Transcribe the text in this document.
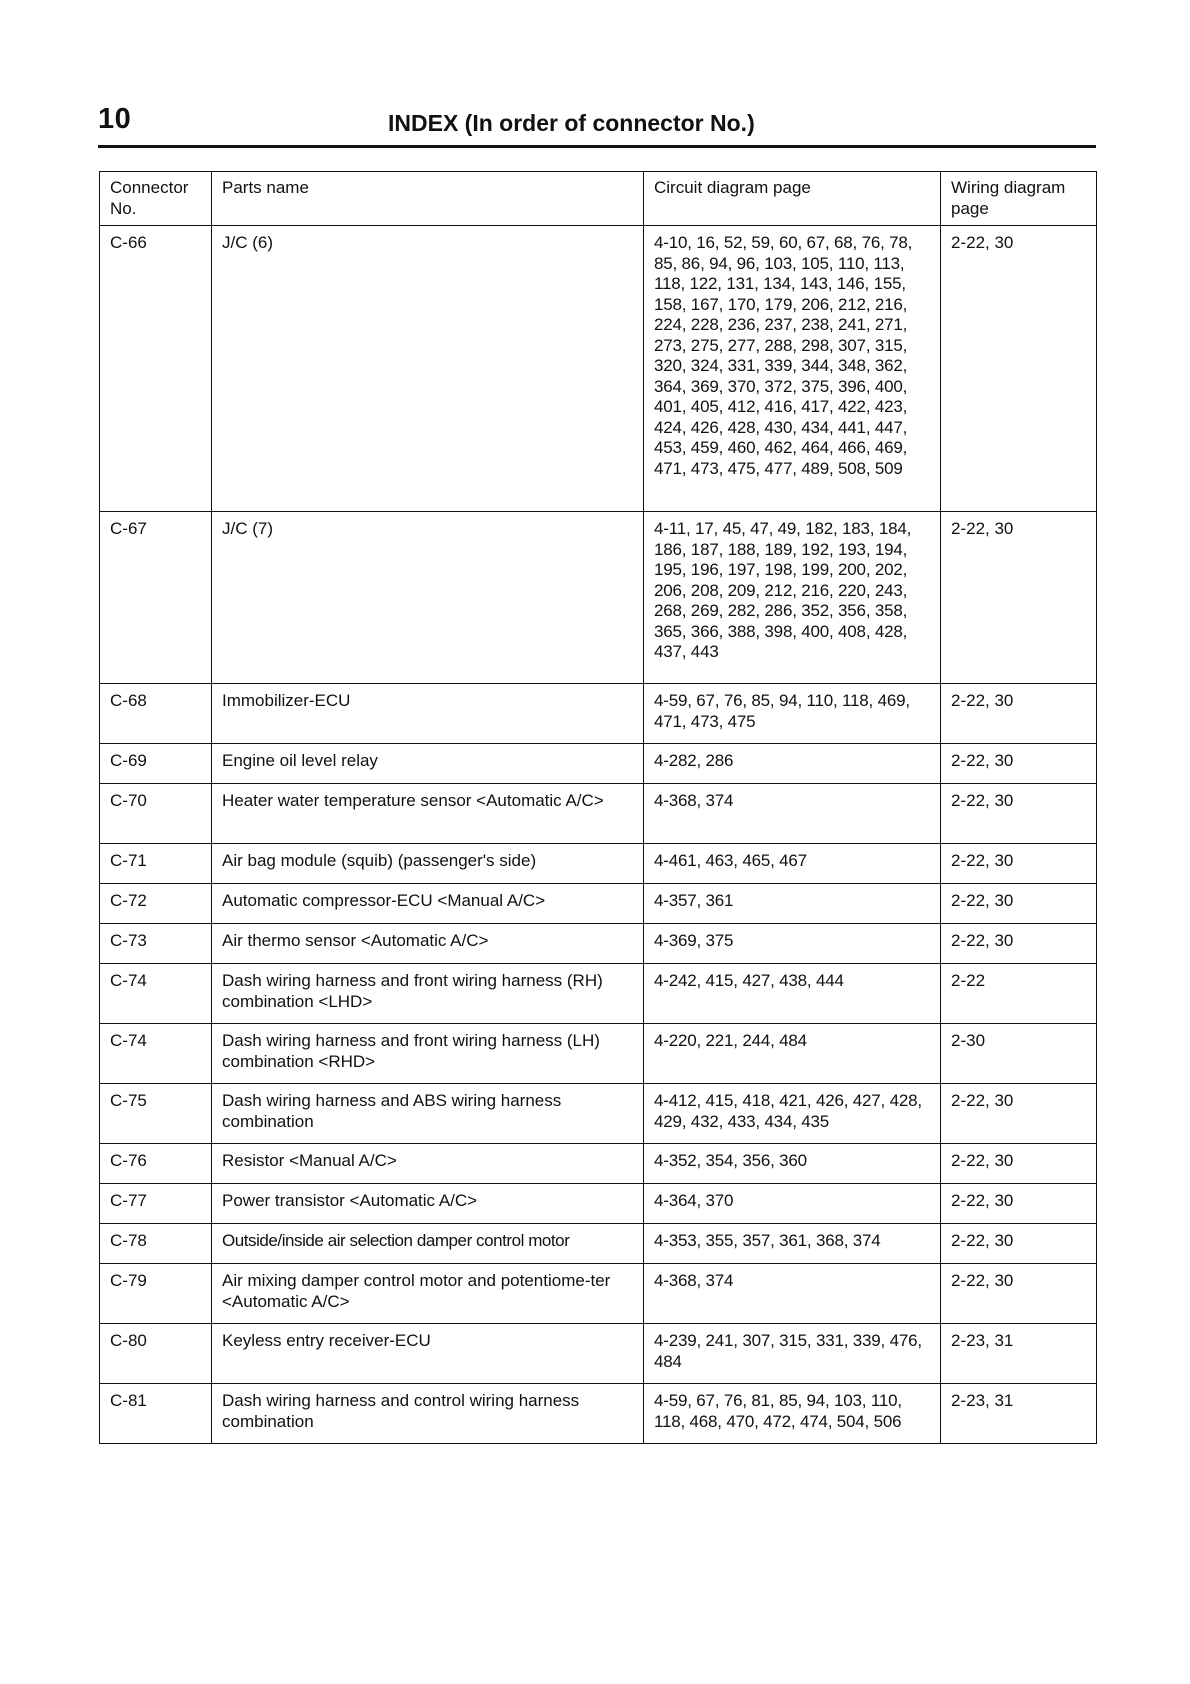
10	INDEX (In order of connector No.)
Connector No.	Parts name	Circuit diagram page	Wiring diagram page
C-66	J/C (6)	4-10, 16, 52, 59, 60, 67, 68, 76, 78, 85, 86, 94, 96, 103, 105, 110, 113, 118, 122, 131, 134, 143, 146, 155, 158, 167, 170, 179, 206, 212, 216, 224, 228, 236, 237, 238, 241, 271, 273, 275, 277, 288, 298, 307, 315, 320, 324, 331, 339, 344, 348, 362, 364, 369, 370, 372, 375, 396, 400, 401, 405, 412, 416, 417, 422, 423, 424, 426, 428, 430, 434, 441, 447, 453, 459, 460, 462, 464, 466, 469, 471, 473, 475, 477, 489, 508, 509	2-22, 30
C-67	J/C (7)	4-11, 17, 45, 47, 49, 182, 183, 184, 186, 187, 188, 189, 192, 193, 194, 195, 196, 197, 198, 199, 200, 202, 206, 208, 209, 212, 216, 220, 243, 268, 269, 282, 286, 352, 356, 358, 365, 366, 388, 398, 400, 408, 428, 437, 443	2-22, 30
C-68	Immobilizer-ECU	4-59, 67, 76, 85, 94, 110, 118, 469, 471, 473, 475	2-22, 30
C-69	Engine oil level relay	4-282, 286	2-22, 30
C-70	Heater water temperature sensor <Automatic A/C>	4-368, 374	2-22, 30
C-71	Air bag module (squib) (passenger's side)	4-461, 463, 465, 467	2-22, 30
C-72	Automatic compressor-ECU <Manual A/C>	4-357, 361	2-22, 30
C-73	Air thermo sensor <Automatic A/C>	4-369, 375	2-22, 30
C-74	Dash wiring harness and front wiring harness (RH) combination <LHD>	4-242, 415, 427, 438, 444	2-22
C-74	Dash wiring harness and front wiring harness (LH) combination <RHD>	4-220, 221, 244, 484	2-30
C-75	Dash wiring harness and ABS wiring harness combination	4-412, 415, 418, 421, 426, 427, 428, 429, 432, 433, 434, 435	2-22, 30
C-76	Resistor <Manual A/C>	4-352, 354, 356, 360	2-22, 30
C-77	Power transistor <Automatic A/C>	4-364, 370	2-22, 30
C-78	Outside/inside air selection damper control motor	4-353, 355, 357, 361, 368, 374	2-22, 30
C-79	Air mixing damper control motor and potentiome-ter <Automatic A/C>	4-368, 374	2-22, 30
C-80	Keyless entry receiver-ECU	4-239, 241, 307, 315, 331, 339, 476, 484	2-23, 31
C-81	Dash wiring harness and control wiring harness combination	4-59, 67, 76, 81, 85, 94, 103, 110, 118, 468, 470, 472, 474, 504, 506	2-23, 31
